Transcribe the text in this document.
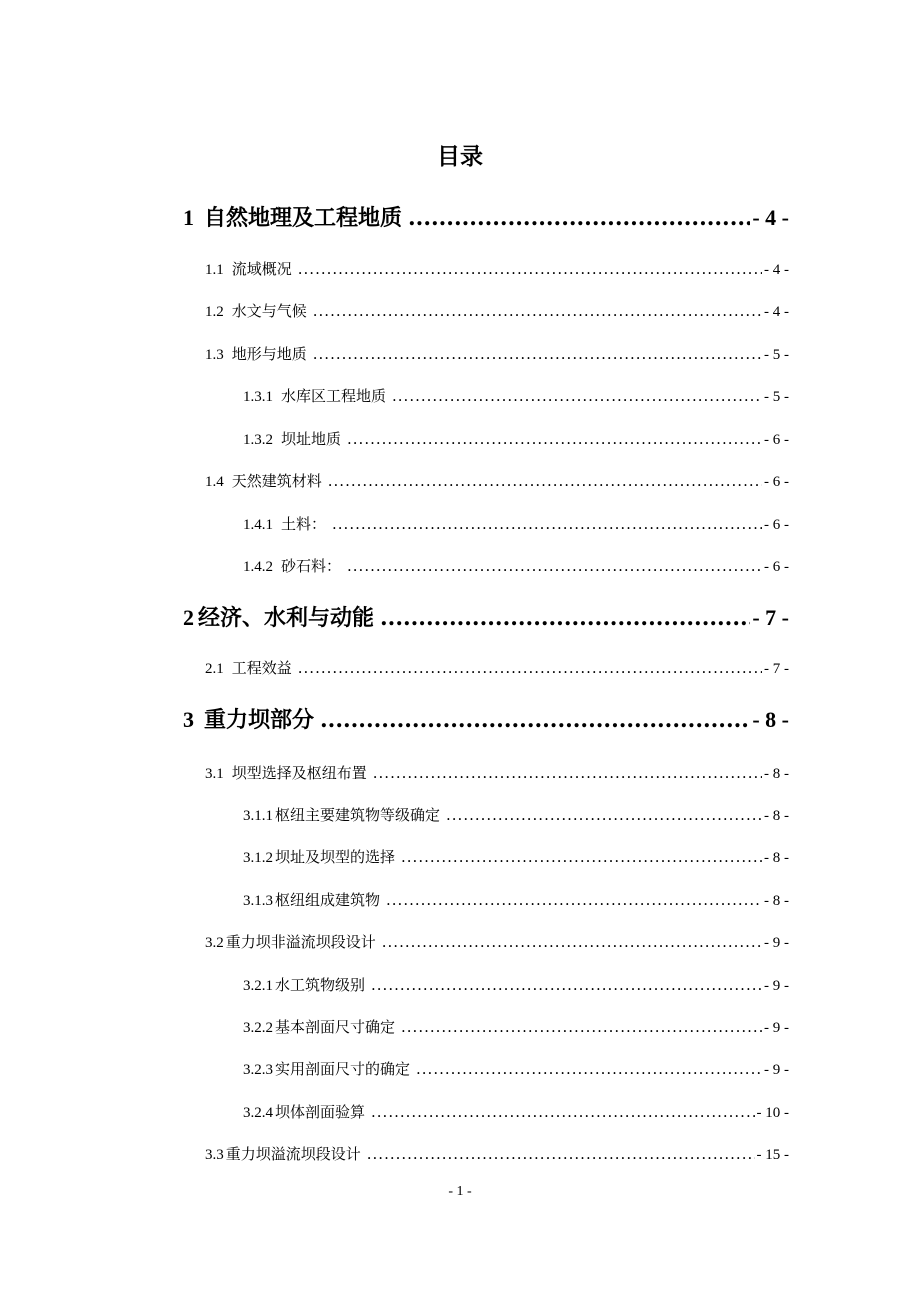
目录
1 自然地理及工程地质 .....	- 4 -
1.1 流域概况 .....	- 4 -
1.2 水文与气候 .....	- 4 -
1.3 地形与地质 .....	- 5 -
1.3.1 水库区工程地质 .....	- 5 -
1.3.2 坝址地质 .....	- 6 -
1.4 天然建筑材料 .....	- 6 -
1.4.1 土料： .....	- 6 -
1.4.2 砂石料： .....	- 6 -
2 经济、水利与动能 .....	- 7 -
2.1 工程效益 .....	- 7 -
3 重力坝部分 .....	- 8 -
3.1 坝型选择及枢纽布置 .....	- 8 -
3.1.1 枢纽主要建筑物等级确定 .....	- 8 -
3.1.2 坝址及坝型的选择 .....	- 8 -
3.1.3 枢纽组成建筑物 .....	- 8 -
3.2 重力坝非溢流坝段设计 .....	- 9 -
3.2.1 水工筑物级别 .....	- 9 -
3.2.2 基本剖面尺寸确定 .....	- 9 -
3.2.3 实用剖面尺寸的确定 .....	- 9 -
3.2.4 坝体剖面验算 .....	- 10 -
3.3 重力坝溢流坝段设计 .....	- 15 -
- 1 -
